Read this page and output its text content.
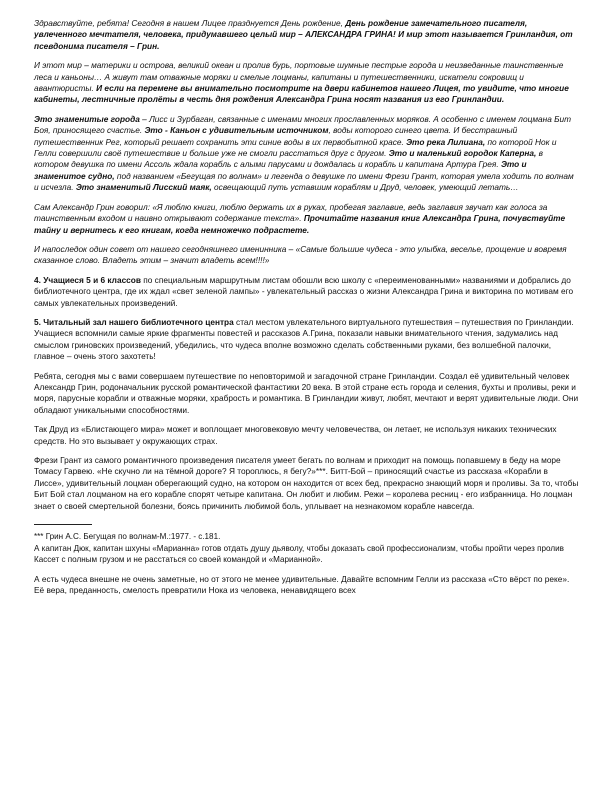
Здравствуйте, ребята! Сегодня в нашем Лицее празднуется День рождение, День рождение замечательного писателя, увлеченного мечтателя, человека, придумавшего целый мир – АЛЕКСАНДРА ГРИНА! И мир этот называется Гринландия, от псевдонима писателя – Грин.

И этот мир – материки и острова, великий океан и пролив бурь, портовые шумные пестрые города и неизведанные таинственные леса и каньоны… А живут там отважные моряки и смелые лоцманы, капитаны и путешественники, искатели сокровищ и авантюристы. И если на перемене вы внимательно посмотрите на двери кабинетов нашего Лицея, то увидите, что многие кабинеты, лестничные пролёты в честь дня рождения Александра Грина носят названия из его Гринландии.

Это знаменитые города – Лисс и Зурбаган, связанные с именами многих прославленных моряков. А особенно с именем лоцмана Бит Боя, приносящего счастье. Это - Каньон с удивительным источником, воды которого синего цвета. И бесстрашный путешественник Рег, который решает сохранить эти синие воды в их первобытной красе. Это река Лилиана, по которой Нок и Гелли совершили своё путешествие и больше уже не смогли расстаться друг с другом. Это и маленький городок Каперна, в котором девушка по имени Ассоль ждала корабль с алыми парусами и дождалась и корабль и капитана Артура Грея. Это и знаменитое судно, под названием «Бегущая по волнам» и легенда о девушке по имени Фрези Грант, которая умела ходить по волнам и исчезла. Это знаменитый Лисский маяк, освещающий путь уставшим кораблям и Друд, человек, умеющий летать…

Сам Александр Грин говорил: «Я люблю книги, люблю держать их в руках, пробегая заглавие, ведь заглавия звучат как голоса за таинственным входом и наивно открывают содержание текста». Прочитайте названия книг Александра Грина, почувствуйте тайну и вернитесь к его книгам, когда немножечко подрастете.

И напоследок один совет от нашего сегодняшнего именинника – «Самые большие чудеса - это улыбка, веселье, прощение и вовремя сказанное слово. Владеть этим – значит владеть всем!!!!»

4. Учащиеся 5 и 6 классов по специальным маршрутным листам обошли всю школу с «переименованными» названиями и добрались до библиотечного центра, где их ждал «свет зеленой лампы» - увлекательный рассказ о жизни Александра Грина и викторина по мотивам его самых увлекательных произведений.

5. Читальный зал нашего библиотечного центра стал местом увлекательного виртуального путешествия – путешествия по Гринландии. Учащиеся вспомнили самые яркие фрагменты повестей и рассказов А.Грина, показали навыки внимательного чтения, задумались над смыслом гриновских произведений, убедились, что чудеса вполне возможно сделать собственными руками, без волшебной палочки, главное – очень этого захотеть!

Ребята, сегодня мы с вами совершаем путешествие по неповторимой и загадочной стране Гринландии. Создал её удивительный человек Александр Грин, родоначальник русской романтической фантастики 20 века. В этой стране есть города и селения, бухты и проливы, реки и моря, парусные корабли и отважные моряки, храбрость и романтика. В Гринландии живут, любят, мечтают и верят удивительные люди. Они обладают уникальными способностями.

Так Друд из «Блистающего мира» может и воплощает многовековую мечту человечества, он летает, не используя никаких технических средств. Но это вызывает у окружающих страх.

Фрези Грант из самого романтичного произведения писателя умеет бегать по волнам и приходит на помощь попавшему в беду на море Томасу Гарвею. «Не скучно ли на тёмной дороге? Я тороплюсь, я бегу?»***. Битт-Бой – приносящий счастье из рассказа «Корабли в Лиссе», удивительный лоцман оберегающий судно, на котором он находится от всех бед, прекрасно знающий моря и проливы. За то, чтобы Бит Бой стал лоцманом на его корабле спорят четыре капитана. Он любит и любим. Режи – королева ресниц - его избранница. Но лоцман знает о своей смертельной болезни, боясь причинить любимой боль, уплывает на незнакомом корабле навсегда.

*** Грин А.С. Бегущая по волнам-М.:1977. - с.181.

А капитан Дюк, капитан шхуны «Марианна» готов отдать душу дьяволу, чтобы доказать свой профессионализм, чтобы пройти через пролив Кассет с полным грузом и не расстаться со своей командой и «Марианной».

А есть чудеса внешне не очень заметные, но от этого не менее удивительные. Давайте вспомним Гелли из рассказа «Сто вёрст по реке». Её вера, преданность, смелость превратили Нока из человека, ненавидящего всех
